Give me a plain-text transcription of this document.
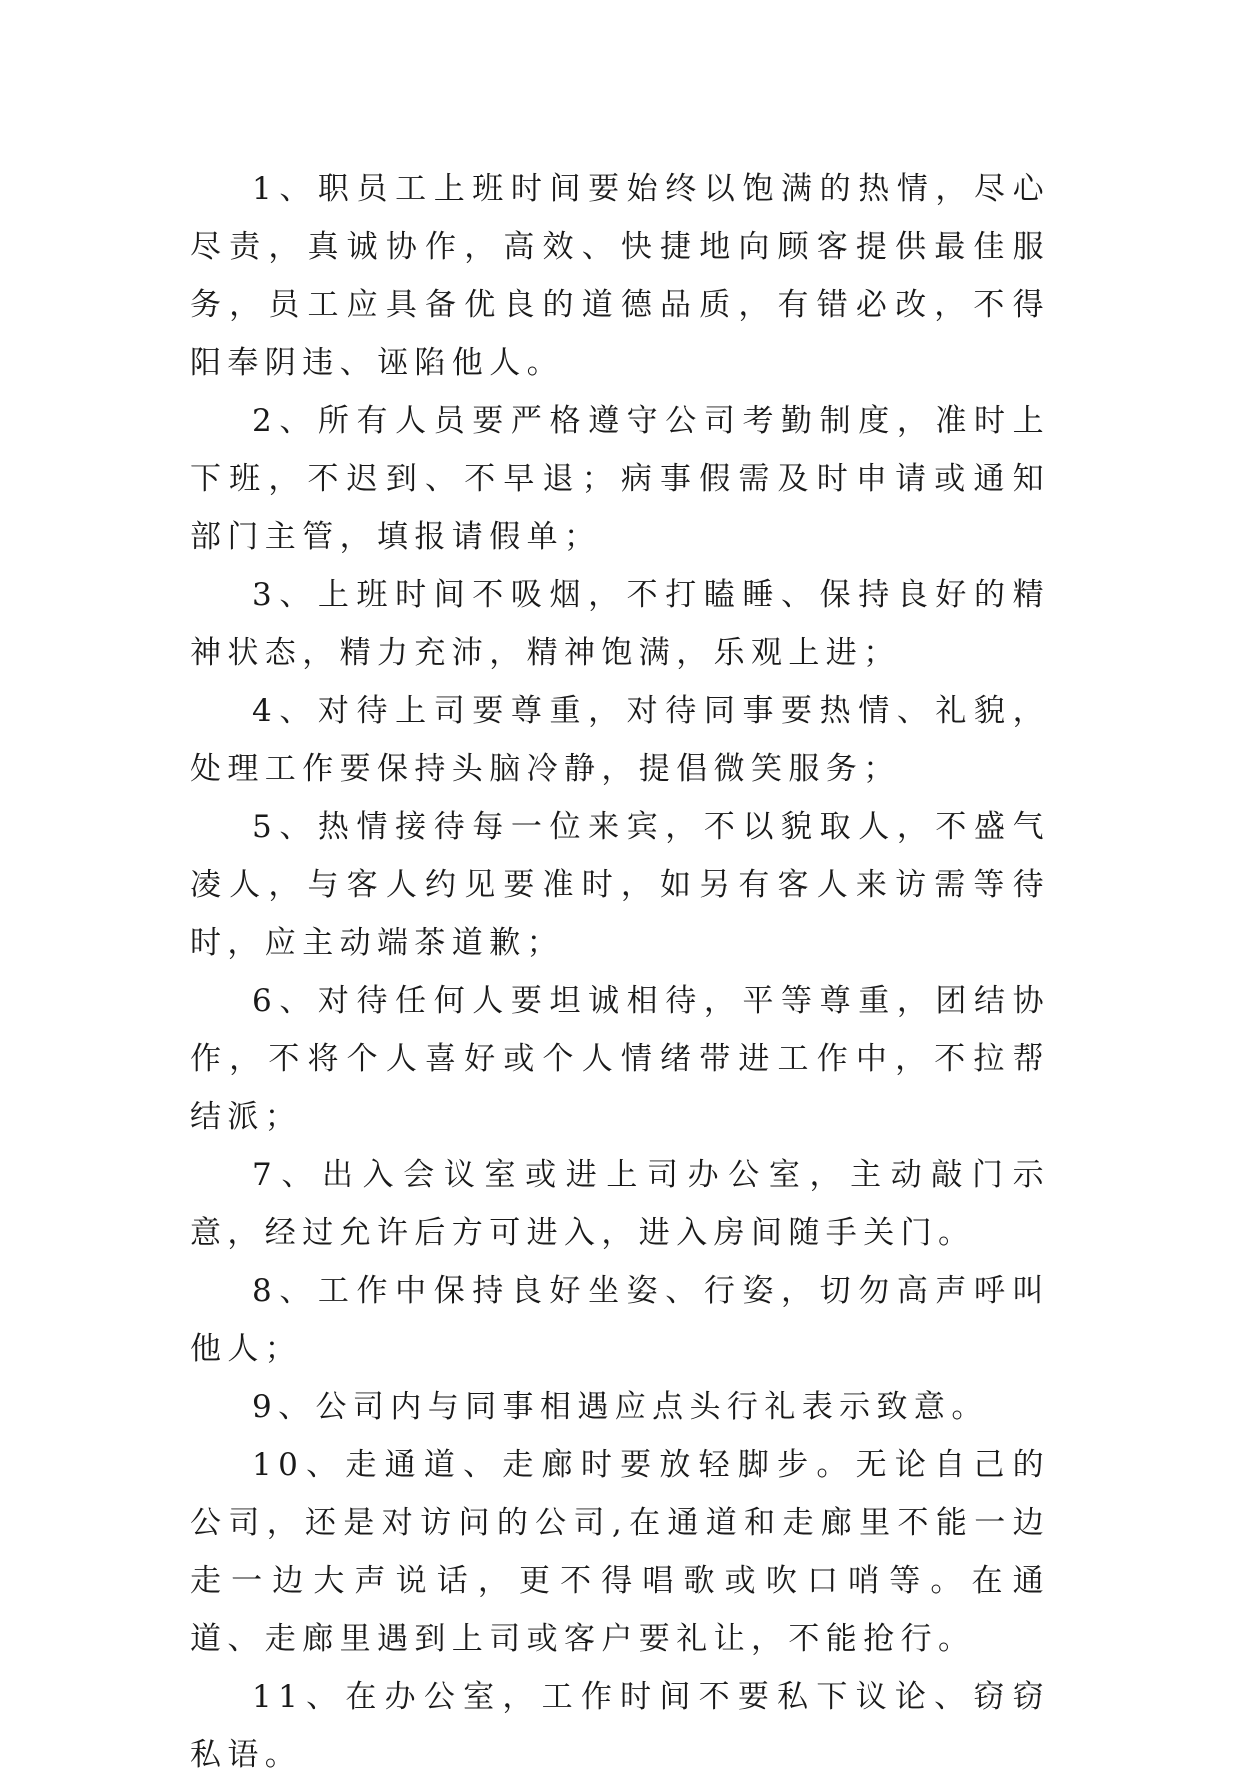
1、职员工上班时间要始终以饱满的热情，尽心尽责，真诚协作，高效、快捷地向顾客提供最佳服务，员工应具备优良的道德品质，有错必改，不得阳奉阴违、诬陷他人。

2、所有人员要严格遵守公司考勤制度，准时上下班，不迟到、不早退；病事假需及时申请或通知部门主管，填报请假单；

3、上班时间不吸烟，不打瞌睡、保持良好的精神状态，精力充沛，精神饱满，乐观上进；

4、对待上司要尊重，对待同事要热情、礼貌，处理工作要保持头脑冷静，提倡微笑服务；

5、热情接待每一位来宾，不以貌取人，不盛气凌人，与客人约见要准时，如另有客人来访需等待时，应主动端茶道歉；

6、对待任何人要坦诚相待，平等尊重，团结协作，不将个人喜好或个人情绪带进工作中，不拉帮结派；

7、出入会议室或进上司办公室，主动敲门示意，经过允许后方可进入，进入房间随手关门。

8、工作中保持良好坐姿、行姿，切勿高声呼叫他人；

9、公司内与同事相遇应点头行礼表示致意。

10、走通道、走廊时要放轻脚步。无论自己的公司，还是对访问的公司,在通道和走廊里不能一边走一边大声说话，更不得唱歌或吹口哨等。在通道、走廊里遇到上司或客户要礼让，不能抢行。

11、在办公室，工作时间不要私下议论、窃窃私语。
